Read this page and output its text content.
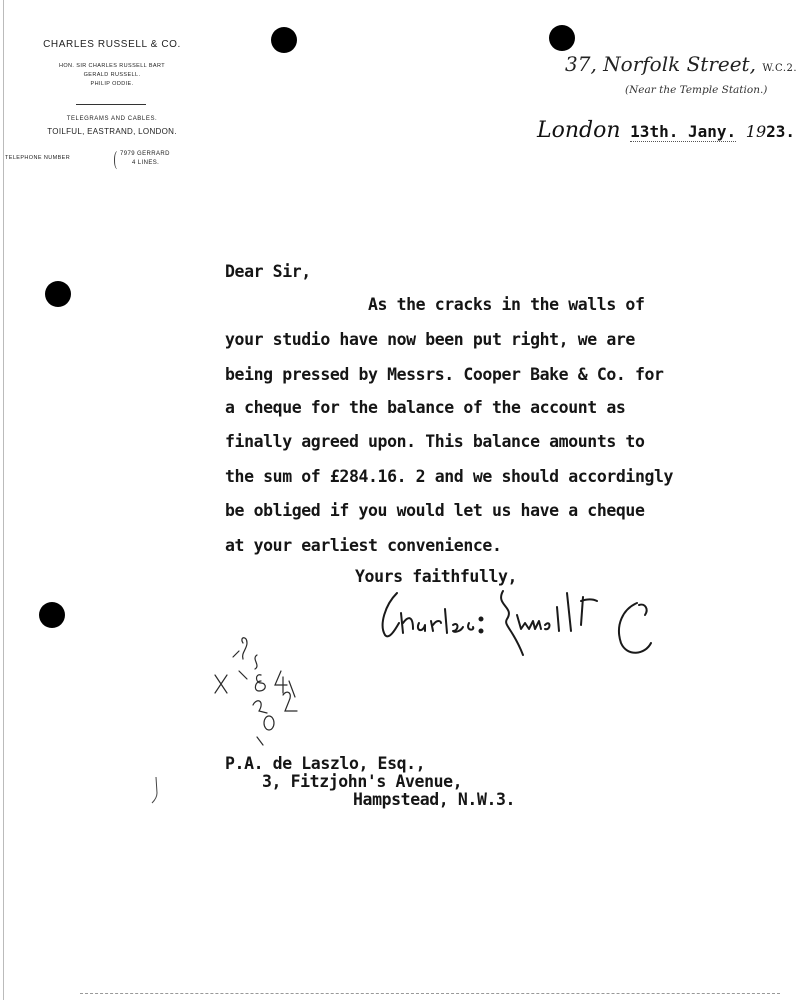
CHARLES RUSSELL & CO.
HON. SIR CHARLES RUSSELL BART
GERALD RUSSELL.
PHILIP ODDIE.
TELEGRAMS AND CABLES.
TOILFUL, EASTRAND, LONDON.
TELEPHONE NUMBER ( 7979 GERRARD
4 LINES.
37, Norfolk Street, W.C.2.
(Near the Temple Station.)
London 13th. Jany. 1923.
Dear Sir,
As the cracks in the walls of
your studio have now been put right, we are
being pressed by Messrs. Cooper Bake & Co. for
a cheque for the balance of the account as
finally agreed upon. This balance amounts to
the sum of £284.16. 2 and we should accordingly
be obliged if you would let us have a cheque
at your earliest convenience.
Yours faithfully,
P.A. de Laszlo, Esq.,
3, Fitzjohn's Avenue,
Hampstead, N.W.3.
